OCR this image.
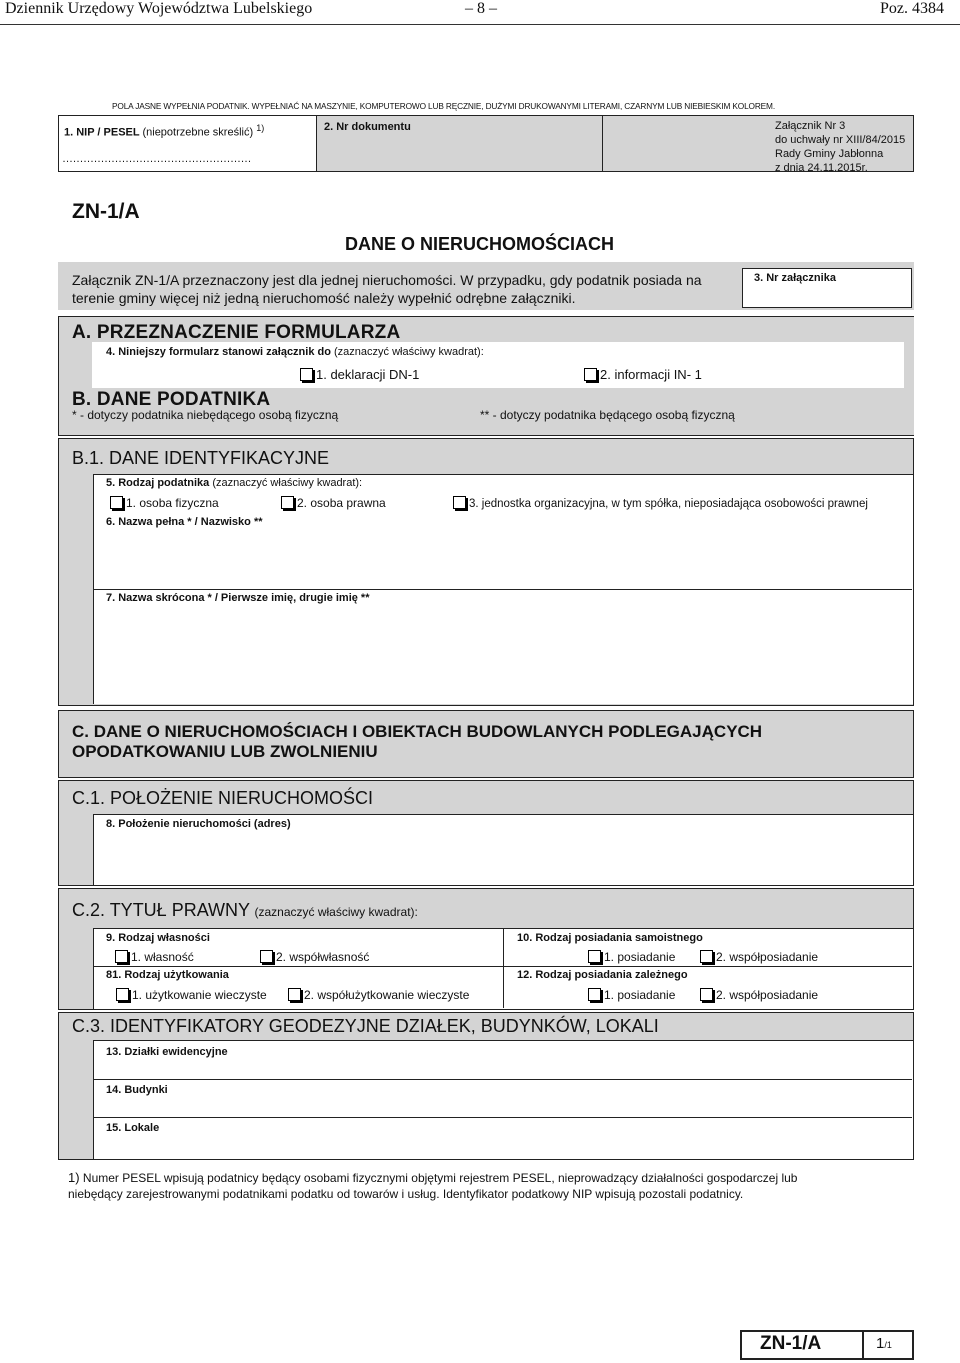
Dziennik Urzędowy Województwa Lubelskiego	– 8 –	Poz. 4384
POLA JASNE WYPEŁNIA PODATNIK. WYPEŁNIAĆ NA MASZYNIE, KOMPUTEROWO LUB RĘCZNIE, DUŻYMI DRUKOWANYMI LITERAMI, CZARNYM LUB NIEBIESKIM KOLOREM.
1. NIP / PESEL (niepotrzebne skreślić) $^{1)}$
………………………………………………
2. Nr dokumentu	Załącznik Nr 3
do uchwały nr XIII/84/2015
Rady Gminy Jabłonna
z dnia 24.11.2015r.
ZN-1/A
DANE O NIERUCHOMOŚCIACH
Załącznik ZN-1/A przeznaczony jest dla jednej nieruchomości. W przypadku, gdy podatnik posiada na
terenie gminy więcej niż jedną nieruchomość należy wypełnić odrębne załączniki.
3. Nr załącznika
A. PRZEZNACZENIE FORMULARZA
4. Niniejszy formularz stanowi załącznik do (zaznaczyć właściwy kwadrat):
1. deklaracji DN-1	2. informacji IN- 1
B. DANE PODATNIKA
* - dotyczy podatnika niebędącego osobą fizyczną	** - dotyczy podatnika będącego osobą fizyczną
B.1. DANE IDENTYFIKACYJNE
5. Rodzaj podatnika (zaznaczyć właściwy kwadrat):
1. osoba fizyczna	2. osoba prawna	3. jednostka organizacyjna, w tym spółka, nieposiadająca osobowości prawnej
6. Nazwa pełna * / Nazwisko **
7. Nazwa skrócona * / Pierwsze imię, drugie imię **
C. DANE O NIERUCHOMOŚCIACH I OBIEKTACH BUDOWLANYCH PODLEGAJĄCYCH
OPODATKOWANIU LUB ZWOLNIENIU
C.1. POŁOŻENIE NIERUCHOMOŚCI
8. Położenie nieruchomości (adres)
C.2. TYTUŁ PRAWNY (zaznaczyć właściwy kwadrat):
9. Rodzaj własności
1. własność	2. współwłasność
10. Rodzaj posiadania samoistnego
1. posiadanie	2. współposiadanie
81. Rodzaj użytkowania
1. użytkowanie wieczyste	2. współużytkowanie wieczyste
12. Rodzaj posiadania zależnego
1. posiadanie	2. współposiadanie
C.3. IDENTYFIKATORY GEODEZYJNE DZIAŁEK, BUDYNKÓW, LOKALI
13. Działki ewidencyjne
14. Budynki
15. Lokale
1) Numer PESEL wpisują podatnicy będący osobami fizycznymi objętymi rejestrem PESEL, nieprowadzący działalności gospodarczej lub
niebędący zarejestrowanymi podatnikami podatku od towarów i usług. Identyfikator podatkowy NIP wpisują pozostali podatnicy.
ZN-1/A	1/1
